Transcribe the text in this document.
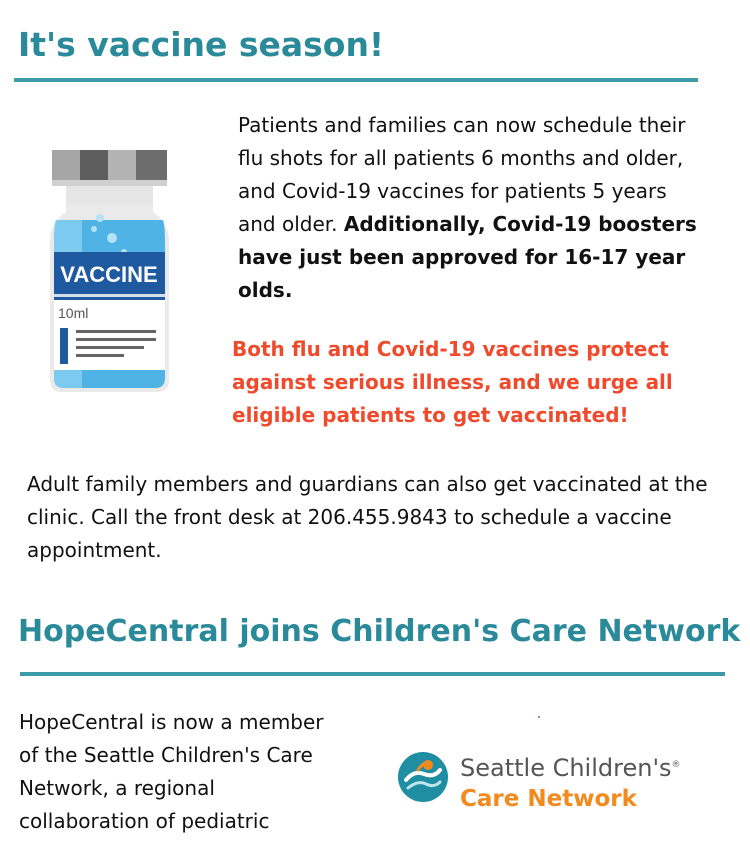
It's vaccine season!
VACCINE
10ml
Patients and families can now schedule their flu shots for all patients 6 months and older, and Covid-19 vaccines for patients 5 years and older. Additionally, Covid-19 boosters have just been approved for 16-17 year olds.
Both flu and Covid-19 vaccines protect against serious illness, and we urge all eligible patients to get vaccinated!
Adult family members and guardians can also get vaccinated at the clinic. Call the front desk at 206.455.9843 to schedule a vaccine appointment.
HopeCentral joins Children's Care Network
HopeCentral is now a member of the Seattle Children's Care Network, a regional collaboration of pediatric
Seattle Children's®
Care Network
